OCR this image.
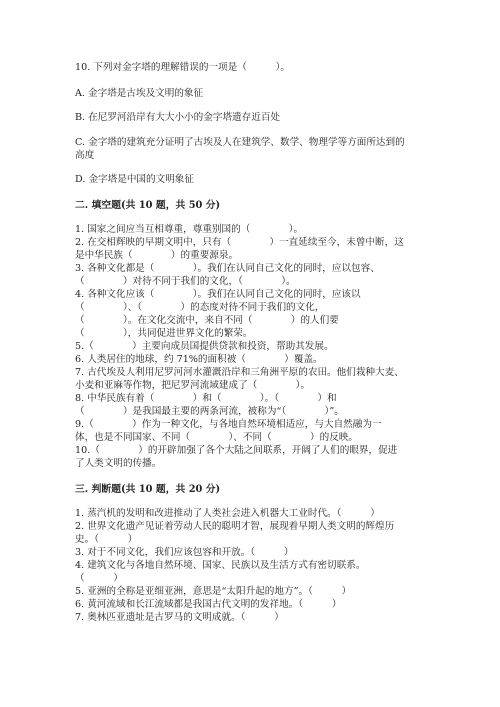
10. 下列对金字塔的理解错误的一项是（　　　）。
A. 金字塔是古埃及文明的象征
B. 在尼罗河沿岸有大大小小的金字塔遗存近百处
C. 金字塔的建筑充分证明了古埃及人在建筑学、数学、物理学等方面所达到的
高度
D. 金字塔是中国的文明象征
二. 填空题(共 10 题，共 50 分)
1. 国家之间应当互相尊重，尊重别国的（　　　　）。
2. 在交相辉映的早期文明中，只有（　　　　）一直延续至今，未曾中断，这
是中华民族（　　　　）的重要源泉。
3. 各种文化都是（　　　　）。我们在认同自己文化的同时，应以包容、
（　　　　）对待不同于我们的文化，（　　　　）。
4. 各种文化应该（　　　　）。我们在认同自己文化的同时，应该以
（　　　　）、（　　　　）的态度对待不同于我们的文化，
（　　　　）。在文化交流中，来自不同（　　　　）的人们要
（　　　　），共同促进世界文化的繁荣。
5.（　　　　）主要向成员国提供贷款和投资，帮助其发展。
6. 人类居住的地球，约 71%的面积被（　　　　）覆盖。
7. 古代埃及人利用尼罗河河水灌溉沿岸和三角洲平原的农田。他们栽种大麦、
小麦和亚麻等作物，把尼罗河流域建成了（　　　　）。
8. 中华民族有着（　　　　）和（　　　　）。（　　　　）和
（　　　　）是我国最主要的两条河流，被称为“（　　　　）”。
9.（　　　　）作为一种文化，与各地自然环境相适应，与大自然融为一
体，也是不同国家、不同（　　　　）、不同（　　　　）的反映。
10.（　　　　）的开辟加强了各个大陆之间联系，开阔了人们的眼界，促进
了人类文明的传播。
三. 判断题(共 10 题，共 20 分)
1. 蒸汽机的发明和改进推动了人类社会进入机器大工业时代。（　　　）
2. 世界文化遗产见证着劳动人民的聪明才智，展现着早期人类文明的辉煌历
史。（　　　）
3. 对于不同文化，我们应该包容和开放。（　　　）
4. 建筑文化与各地自然环境、国家、民族以及生活方式有密切联系。
（　　　）
5. 亚洲的全称是亚细亚洲，意思是“太阳升起的地方”。（　　　）
6. 黄河流域和长江流域都是我国古代文明的发祥地。（　　　）
7. 奥林匹亚遗址是古罗马的文明成就。（　　　）
